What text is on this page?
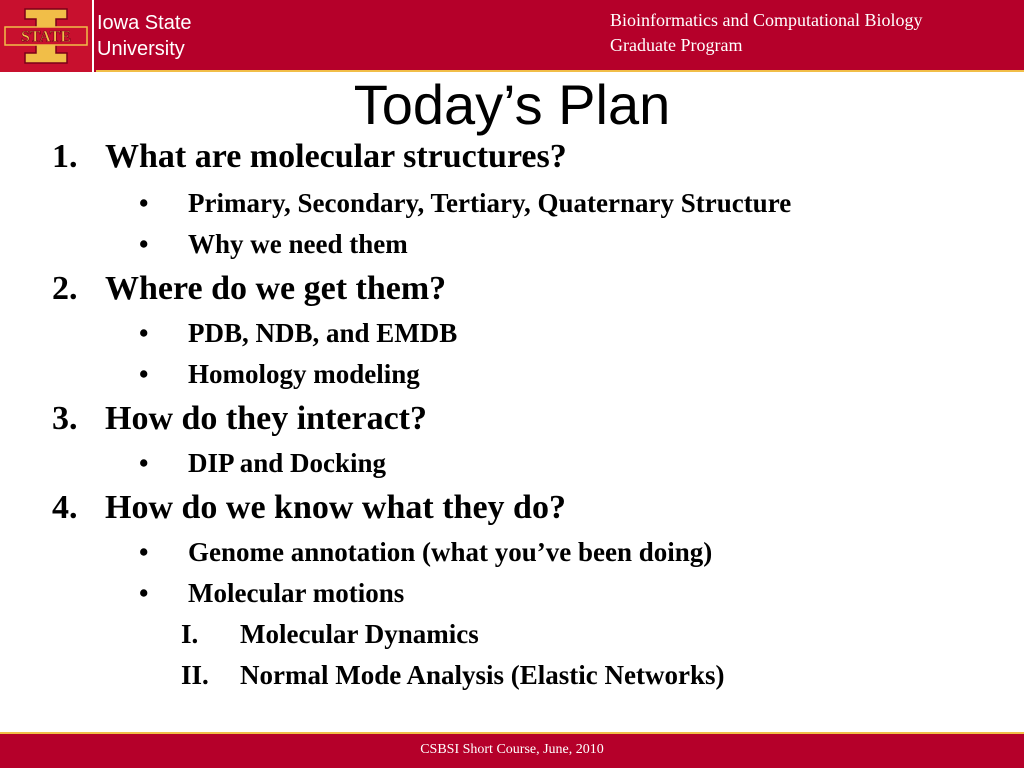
STATE
Iowa State
University
Bioinformatics and Computational Biology
Graduate Program
Today’s Plan
1. What are molecular structures?
• Primary, Secondary, Tertiary, Quaternary Structure
• Why we need them
2. Where do we get them?
• PDB, NDB, and EMDB
• Homology modeling
3. How do they interact?
• DIP and Docking
4. How do we know what they do?
• Genome annotation (what you’ve been doing)
• Molecular motions
I. Molecular Dynamics
II. Normal Mode Analysis (Elastic Networks)
CSBSI Short Course, June, 2010
